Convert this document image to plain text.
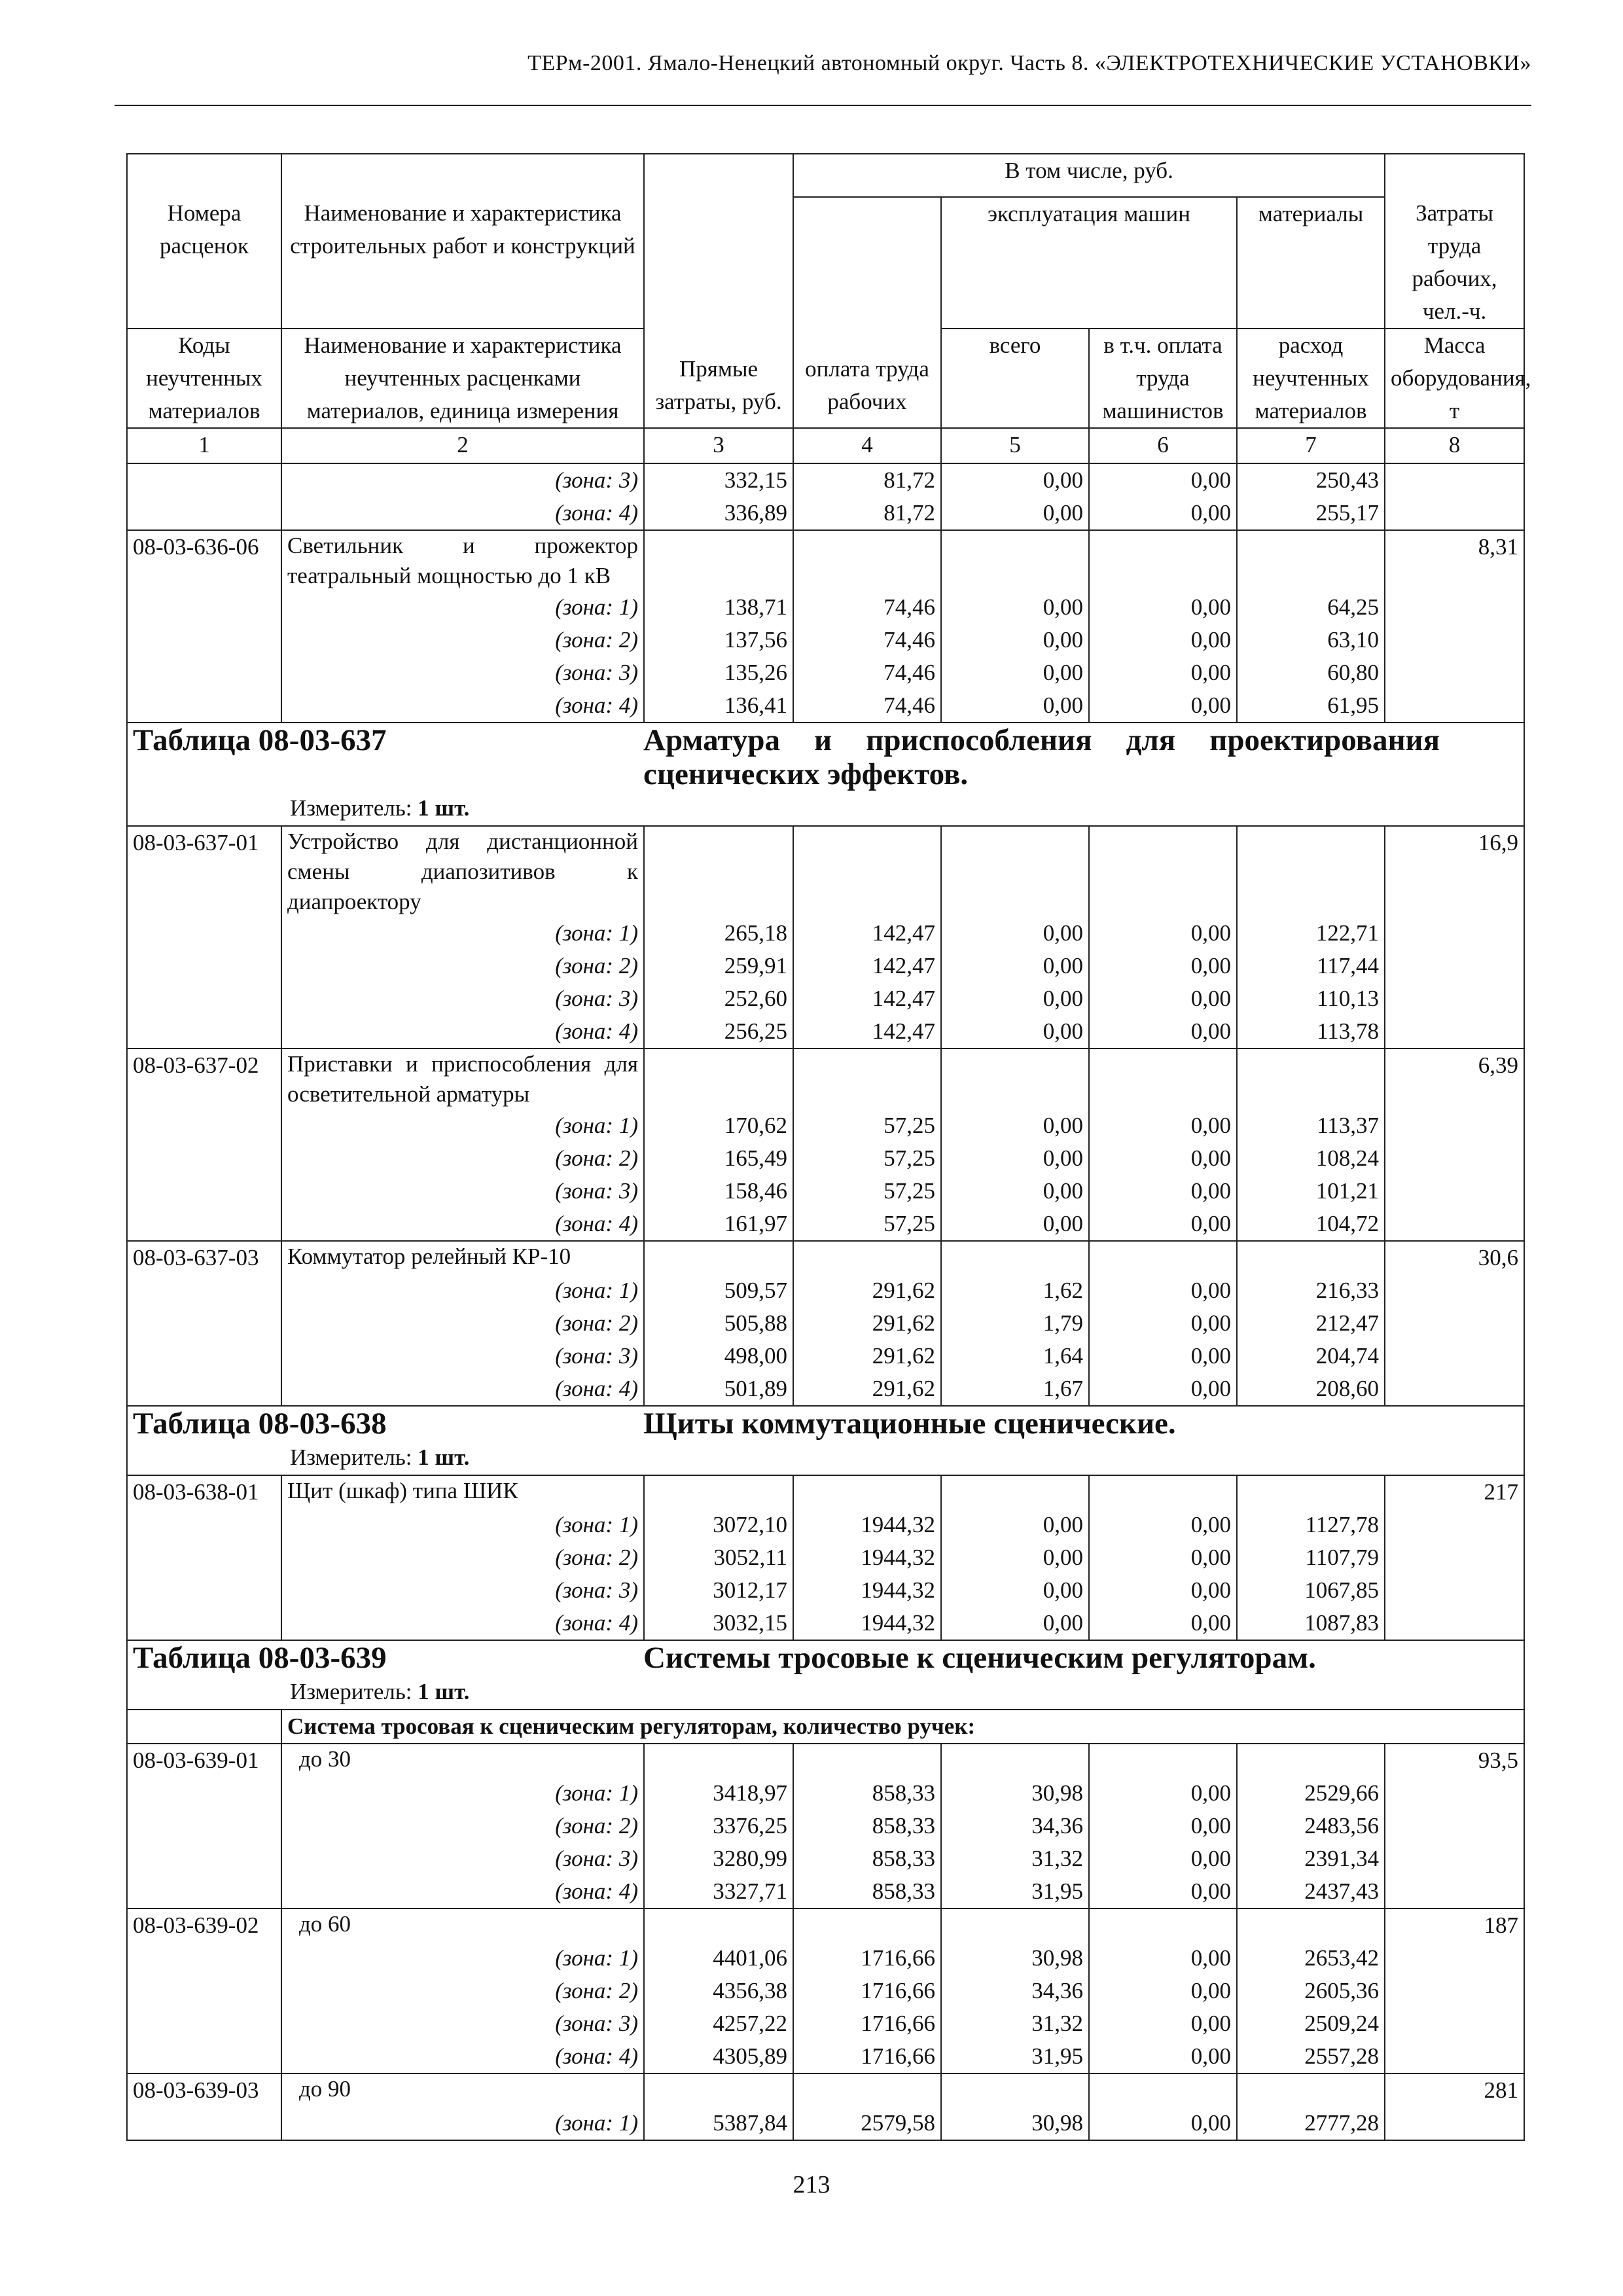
ТЕРм-2001. Ямало-Ненецкий автономный округ. Часть 8. «ЭЛЕКТРОТЕХНИЧЕСКИЕ УСТАНОВКИ»
		Прямые затраты, руб.	В том числе, руб.				
Номера расценок	Наименование и характеристика строительных работ и конструкций		оплата труда рабочих	эксплуатация машин		материалы	Затраты труда рабочих, чел.-ч.
Коды неучтенных материалов	Наименование и характеристика неучтенных расценками материалов, единица измерения			всего	в т.ч. оплата труда машинистов	расход неучтенных материалов	Масса оборудования, т
1	2	3	4	5	6	7	8
	(зона: 3)	332,15	81,72	0,00	0,00	250,43	
	(зона: 4)	336,89	81,72	0,00	0,00	255,17	
08-03-636-06	Светильник и прожектор театральный мощностью до 1 кВ						8,31
	(зона: 1)	138,71	74,46	0,00	0,00	64,25	
	(зона: 2)	137,56	74,46	0,00	0,00	63,10	
	(зона: 3)	135,26	74,46	0,00	0,00	60,80	
	(зона: 4)	136,41	74,46	0,00	0,00	61,95	

Таблица 08-03-637 Арматура и приспособления для проектирования сценических эффектов.
Измеритель: 1 шт.							

08-03-637-01	Устройство для дистанционной смены диапозитивов к диапроектору						16,9
	(зона: 1)	265,18	142,47	0,00	0,00	122,71	
	(зона: 2)	259,91	142,47	0,00	0,00	117,44	
	(зона: 3)	252,60	142,47	0,00	0,00	110,13	
	(зона: 4)	256,25	142,47	0,00	0,00	113,78	
08-03-637-02	Приставки и приспособления для осветительной арматуры						6,39
	(зона: 1)	170,62	57,25	0,00	0,00	113,37	
	(зона: 2)	165,49	57,25	0,00	0,00	108,24	
	(зона: 3)	158,46	57,25	0,00	0,00	101,21	
	(зона: 4)	161,97	57,25	0,00	0,00	104,72	
08-03-637-03	Коммутатор релейный КР-10						30,6
	(зона: 1)	509,57	291,62	1,62	0,00	216,33	
	(зона: 2)	505,88	291,62	1,79	0,00	212,47	
	(зона: 3)	498,00	291,62	1,64	0,00	204,74	
	(зона: 4)	501,89	291,62	1,67	0,00	208,60	

Таблица 08-03-638 Щиты коммутационные сценические.
Измеритель: 1 шт.							

08-03-638-01	Щит (шкаф) типа ШИК						217
	(зона: 1)	3072,10	1944,32	0,00	0,00	1127,78	
	(зона: 2)	3052,11	1944,32	0,00	0,00	1107,79	
	(зона: 3)	3012,17	1944,32	0,00	0,00	1067,85	
	(зона: 4)	3032,15	1944,32	0,00	0,00	1087,83	

Таблица 08-03-639 Системы тросовые к сценическим регуляторам.
Измеритель: 1 шт.							

	Система тросовая к сценическим регуляторам, количество ручек:						
08-03-639-01	до 30						93,5
	(зона: 1)	3418,97	858,33	30,98	0,00	2529,66	
	(зона: 2)	3376,25	858,33	34,36	0,00	2483,56	
	(зона: 3)	3280,99	858,33	31,32	0,00	2391,34	
	(зона: 4)	3327,71	858,33	31,95	0,00	2437,43	
08-03-639-02	до 60						187
	(зона: 1)	4401,06	1716,66	30,98	0,00	2653,42	
	(зона: 2)	4356,38	1716,66	34,36	0,00	2605,36	
	(зона: 3)	4257,22	1716,66	31,32	0,00	2509,24	
	(зона: 4)	4305,89	1716,66	31,95	0,00	2557,28	
08-03-639-03	до 90						281
	(зона: 1)	5387,84	2579,58	30,98	0,00	2777,28	
213
